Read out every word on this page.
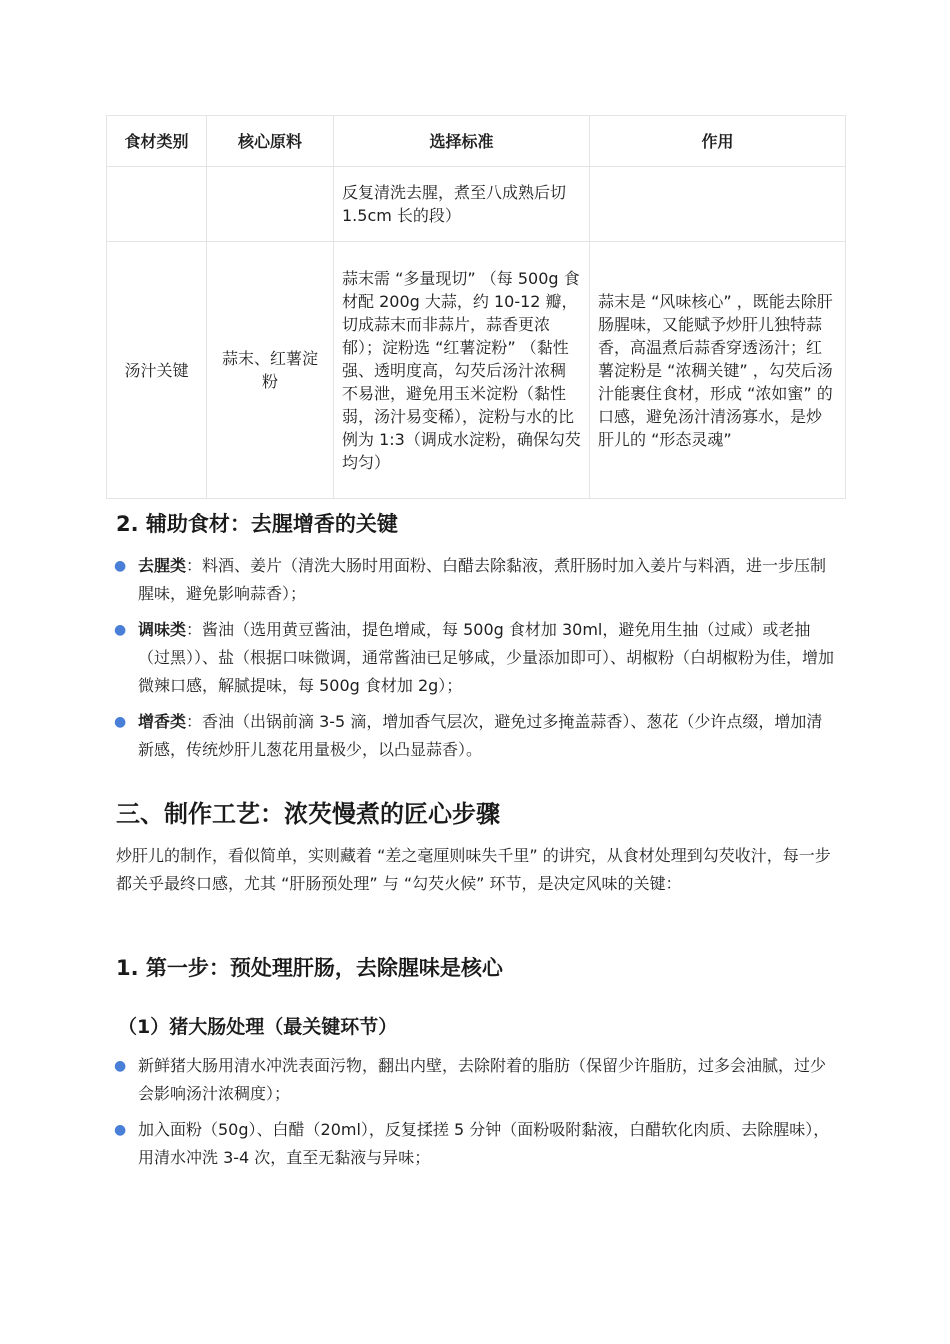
食材类别	核心原料	选择标准	作用
		反复清洗去腥，煮至八成熟后切 1.5cm 长的段）	
汤汁关键	蒜末、红薯淀粉	蒜末需 “多量现切” （每 500g 食材配 200g 大蒜，约 10-12 瓣，切成蒜末而非蒜片，蒜香更浓郁）；淀粉选 “红薯淀粉” （黏性强、透明度高，勾芡后汤汁浓稠不易泄，避免用玉米淀粉（黏性弱，汤汁易变稀），淀粉与水的比例为 1:3（调成水淀粉，确保勾芡均匀）	蒜末是 “风味核心” ，既能去除肝肠腥味，又能赋予炒肝儿独特蒜香，高温煮后蒜香穿透汤汁；红薯淀粉是 “浓稠关键” ，勾芡后汤汁能裹住食材，形成 “浓如蜜” 的口感，避免汤汁清汤寡水，是炒肝儿的 “形态灵魂”
2. 辅助食材：去腥增香的关键
● 去腥类：料酒、姜片（清洗大肠时用面粉、白醋去除黏液，煮肝肠时加入姜片与料酒，进一步压制腥味，避免影响蒜香）；
● 调味类：酱油（选用黄豆酱油，提色增咸，每 500g 食材加 30ml，避免用生抽（过咸）或老抽（过黑））、盐（根据口味微调，通常酱油已足够咸，少量添加即可）、胡椒粉（白胡椒粉为佳，增加微辣口感，解腻提味，每 500g 食材加 2g）；
● 增香类：香油（出锅前滴 3-5 滴，增加香气层次，避免过多掩盖蒜香）、葱花（少许点缀，增加清新感，传统炒肝儿葱花用量极少，以凸显蒜香）。
三、制作工艺：浓芡慢煮的匠心步骤

炒肝儿的制作，看似简单，实则藏着 “差之毫厘则味失千里” 的讲究，从食材处理到勾芡收汁，每一步都关乎最终口感，尤其 “肝肠预处理” 与 “勾芡火候” 环节，是决定风味的关键：

1. 第一步：预处理肝肠，去除腥味是核心
（1）猪大肠处理（最关键环节）
● 新鲜猪大肠用清水冲洗表面污物，翻出内壁，去除附着的脂肪（保留少许脂肪，过多会油腻，过少会影响汤汁浓稠度）；
● 加入面粉（50g）、白醋（20ml），反复揉搓 5 分钟（面粉吸附黏液，白醋软化肉质、去除腥味），用清水冲洗 3-4 次，直至无黏液与异味；
